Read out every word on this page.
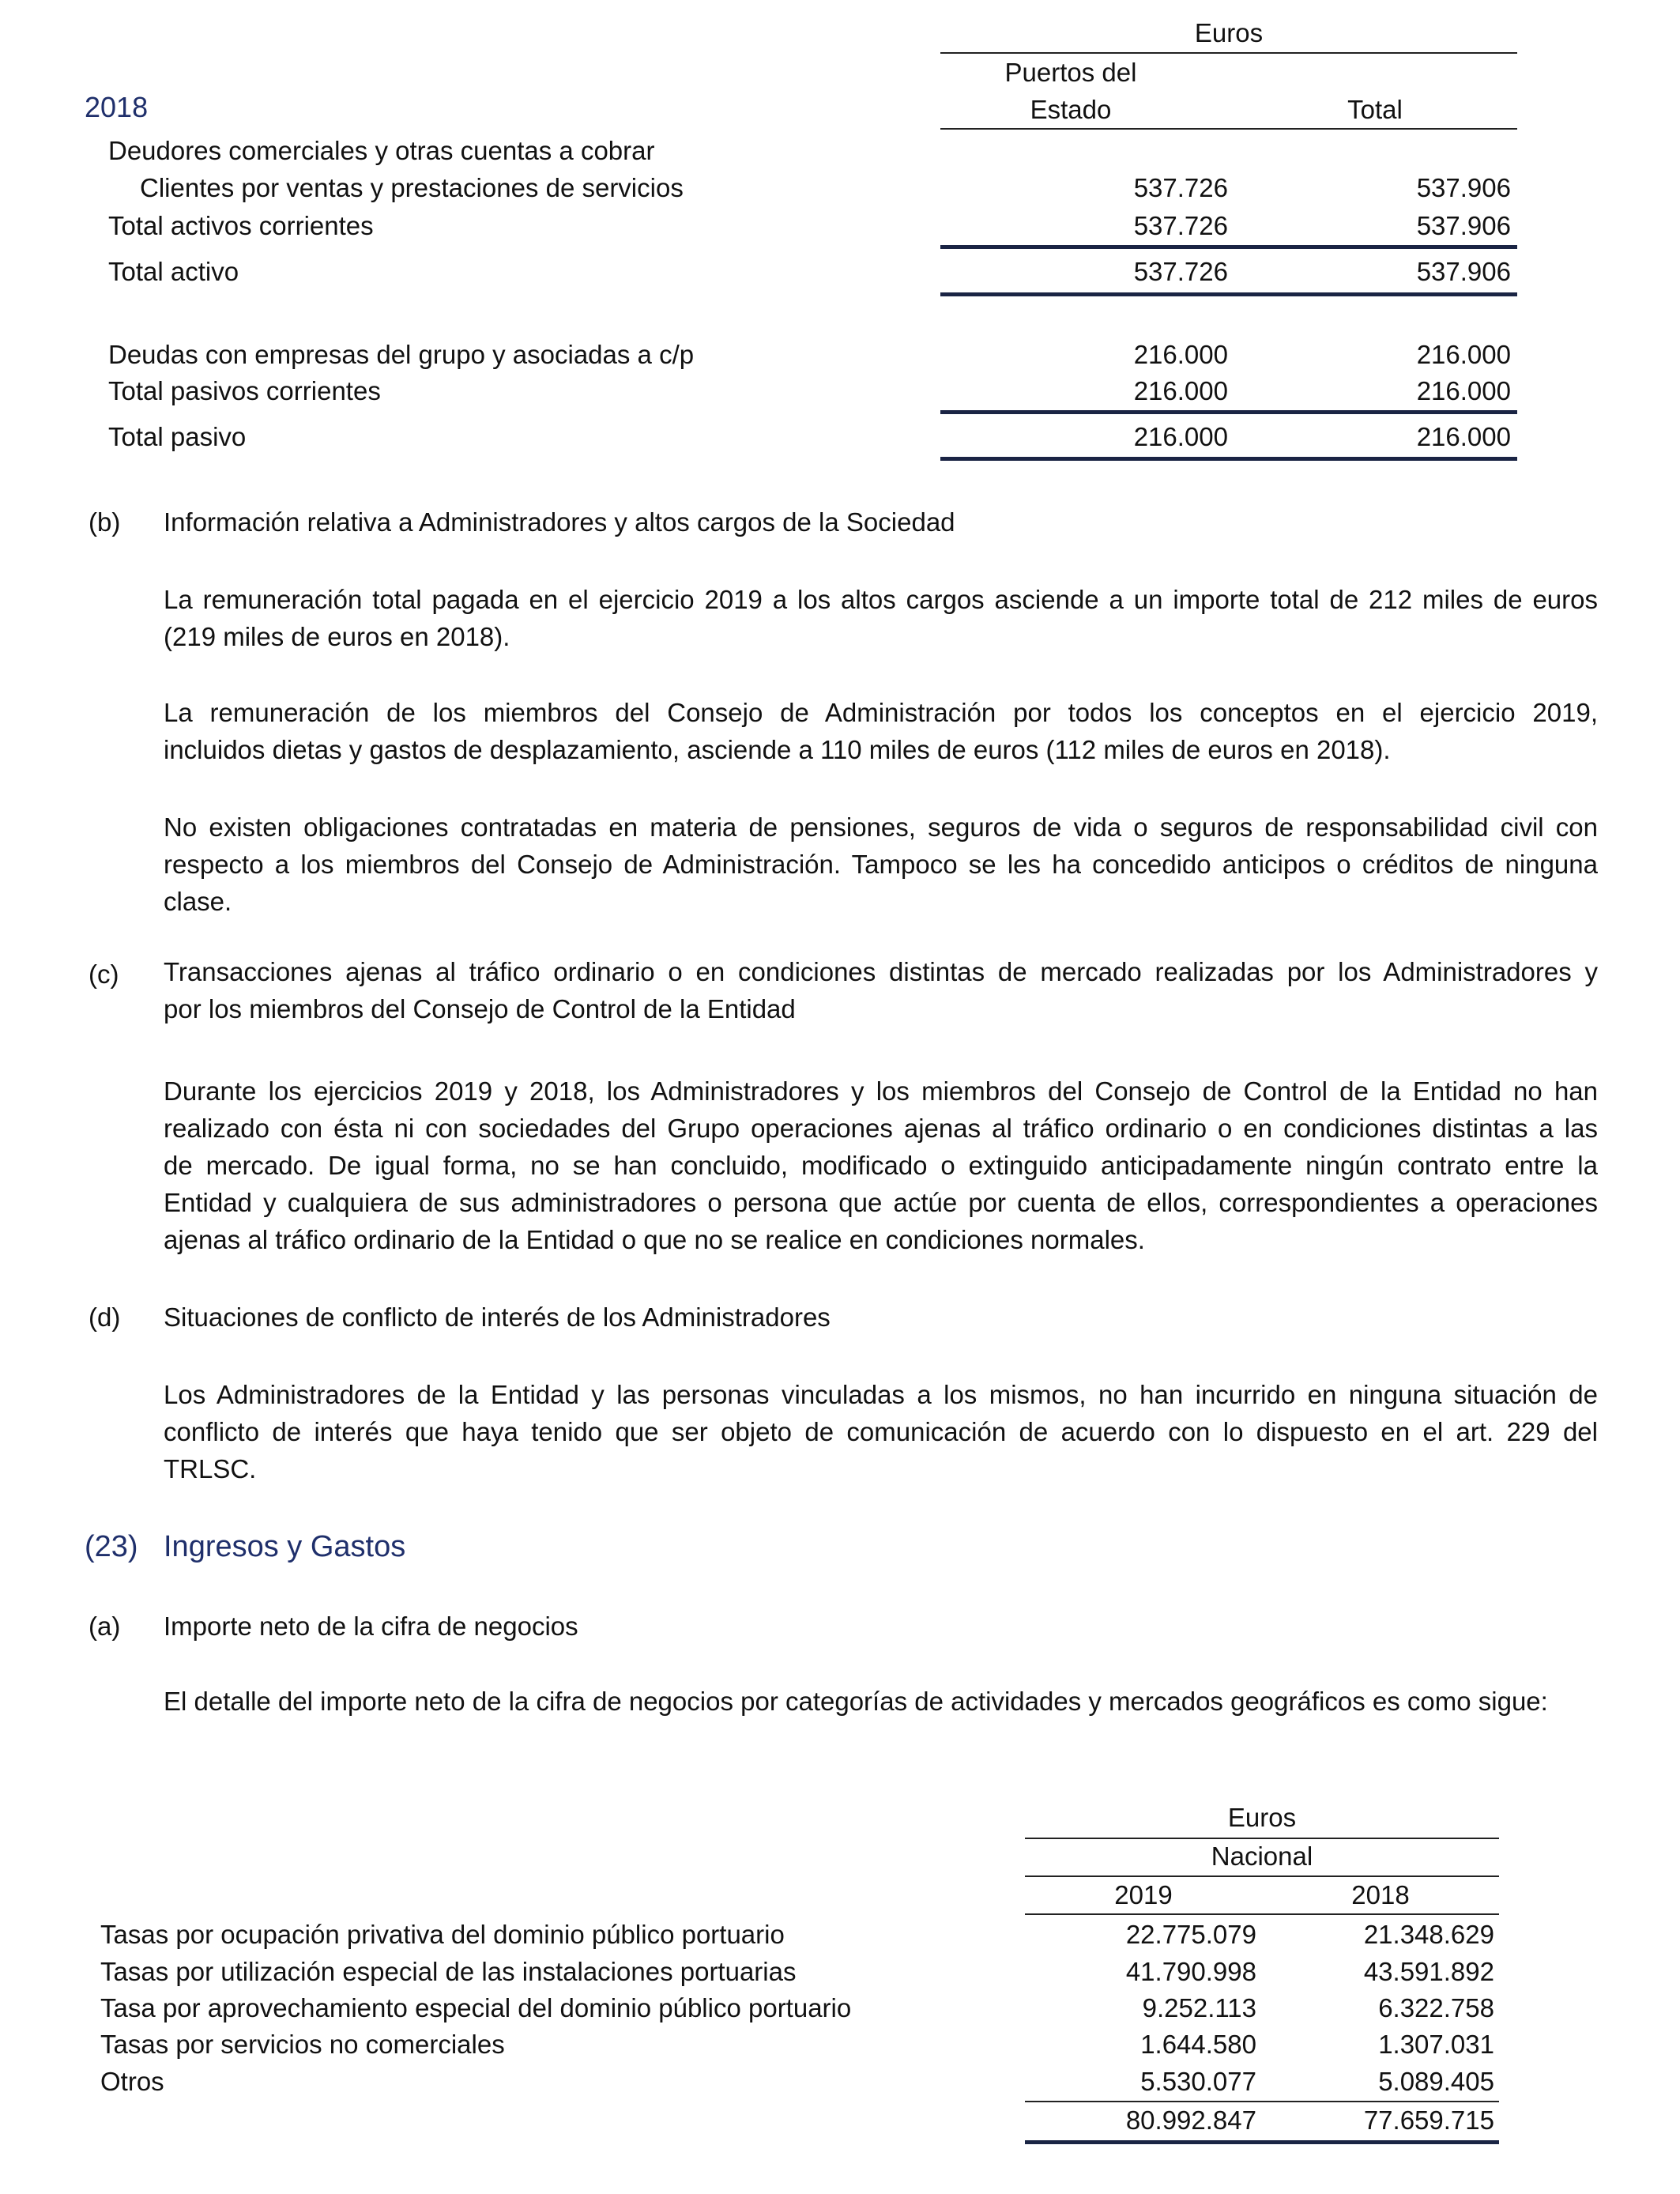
Euros
Puertos del
Estado	Total
2018
Deudores comerciales y otras cuentas a cobrar
Clientes por ventas y prestaciones de servicios	537.726	537.906
Total activos corrientes	537.726	537.906
Total activo	537.726	537.906
Deudas con empresas del grupo y asociadas a c/p	216.000	216.000
Total pasivos corrientes	216.000	216.000
Total pasivo	216.000	216.000
(b) Información relativa a Administradores y altos cargos de la Sociedad
La remuneración total pagada en el ejercicio 2019 a los altos cargos asciende a un importe total de 212 miles de euros
(219 miles de euros en 2018).
La remuneración de los miembros del Consejo de Administración por todos los conceptos en el ejercicio 2019,
incluidos dietas y gastos de desplazamiento, asciende a 110 miles de euros (112 miles de euros en 2018).
No existen obligaciones contratadas en materia de pensiones, seguros de vida o seguros de responsabilidad civil con
respecto a los miembros del Consejo de Administración. Tampoco se les ha concedido anticipos o créditos de ninguna
clase.
(c) Transacciones ajenas al tráfico ordinario o en condiciones distintas de mercado realizadas por los Administradores y
por los miembros del Consejo de Control de la Entidad
Durante los ejercicios 2019 y 2018, los Administradores y los miembros del Consejo de Control de la Entidad no han
realizado con ésta ni con sociedades del Grupo operaciones ajenas al tráfico ordinario o en condiciones distintas a las
de mercado. De igual forma, no se han concluido, modificado o extinguido anticipadamente ningún contrato entre la
Entidad y cualquiera de sus administradores o persona que actúe por cuenta de ellos, correspondientes a operaciones
ajenas al tráfico ordinario de la Entidad o que no se realice en condiciones normales.
(d) Situaciones de conflicto de interés de los Administradores
Los Administradores de la Entidad y las personas vinculadas a los mismos, no han incurrido en ninguna situación de
conflicto de interés que haya tenido que ser objeto de comunicación de acuerdo con lo dispuesto en el art. 229 del
TRLSC.
(23) Ingresos y Gastos
(a) Importe neto de la cifra de negocios
El detalle del importe neto de la cifra de negocios por categorías de actividades y mercados geográficos es como sigue:
Euros
Nacional
2019	2018
Tasas por ocupación privativa del dominio público portuario	22.775.079	21.348.629
Tasas por utilización especial de las instalaciones portuarias	41.790.998	43.591.892
Tasa por aprovechamiento especial del dominio público portuario	9.252.113	6.322.758
Tasas por servicios no comerciales	1.644.580	1.307.031
Otros	5.530.077	5.089.405
80.992.847	77.659.715
